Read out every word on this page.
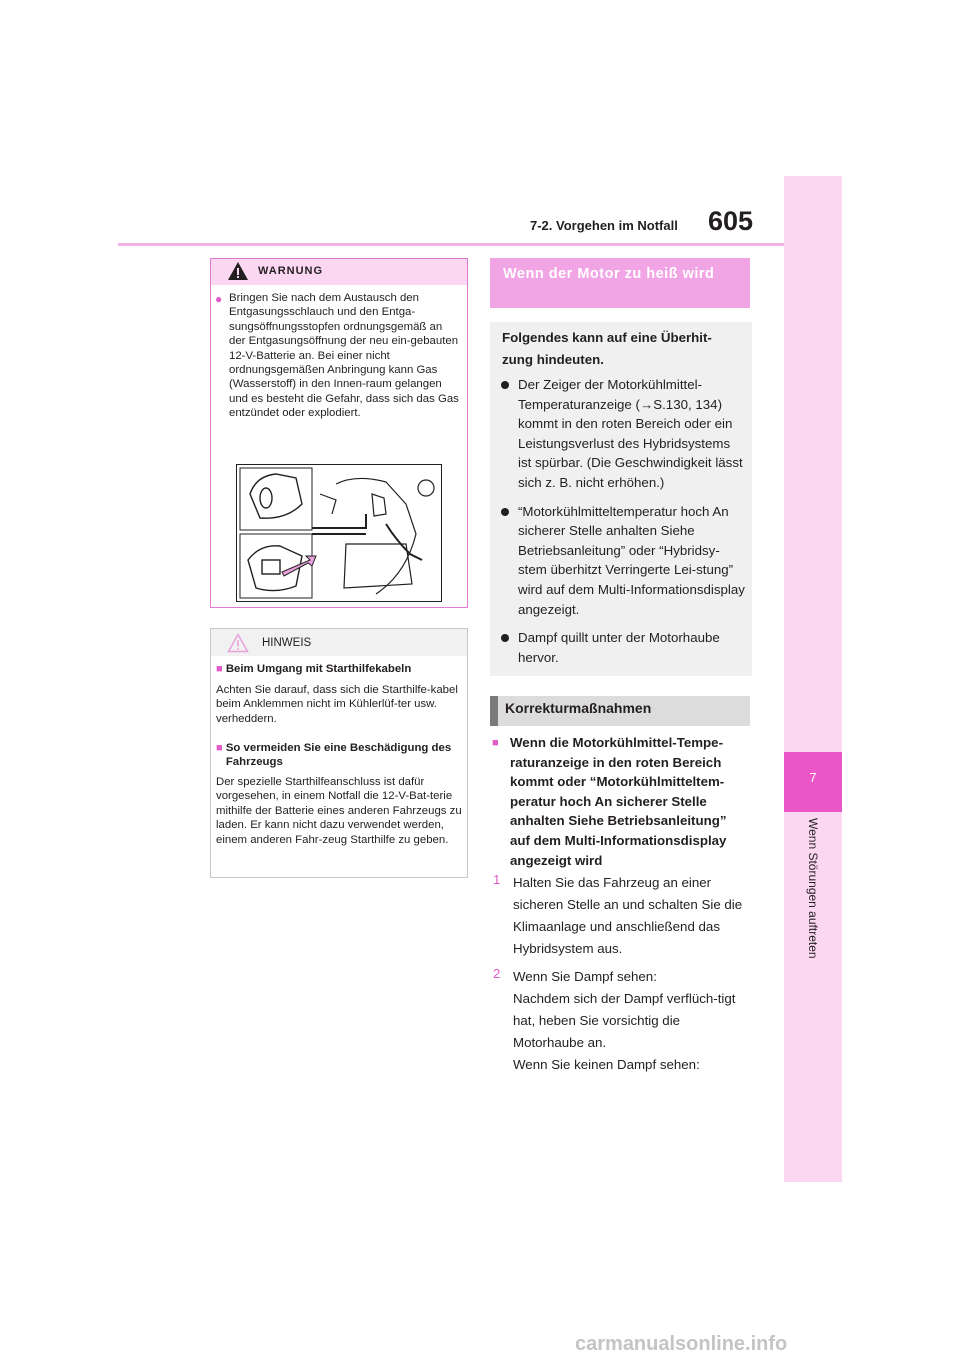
7-2. Vorgehen im Notfall 605
7
Wenn Störungen auftreten
WARNUNG
● Bringen Sie nach dem Austausch den Entgasungsschlauch und den Entga-sungsöffnungsstopfen ordnungsgemäß an der Entgasungsöffnung der neu ein-gebauten 12-V-Batterie an. Bei einer nicht ordnungsgemäßen Anbringung kann Gas (Wasserstoff) in den Innen-raum gelangen und es besteht die Gefahr, dass sich das Gas entzündet oder explodiert.
HINWEIS
■ Beim Umgang mit Starthilfekabeln
Achten Sie darauf, dass sich die Starthilfe-kabel beim Anklemmen nicht im Kühlerlüf-ter usw. verheddern.
■ So vermeiden Sie eine Beschädigung des Fahrzeugs
Der spezielle Starthilfeanschluss ist dafür vorgesehen, in einem Notfall die 12-V-Bat-terie mithilfe der Batterie eines anderen Fahrzeugs zu laden. Er kann nicht dazu verwendet werden, einem anderen Fahr-zeug Starthilfe zu geben.
Wenn der Motor zu heiß wird
Folgendes kann auf eine Überhit-zung hindeuten.
Der Zeiger der Motorkühlmittel-Temperaturanzeige (→S.130, 134) kommt in den roten Bereich oder ein Leistungsverlust des Hybridsystems ist spürbar. (Die Geschwindigkeit lässt sich z. B. nicht erhöhen.)
“Motorkühlmitteltemperatur hoch An sicherer Stelle anhalten Siehe Betriebsanleitung” oder “Hybridsy-stem überhitzt Verringerte Lei-stung” wird auf dem Multi-Informationsdisplay angezeigt.
Dampf quillt unter der Motorhaube hervor.
Korrekturmaßnahmen
■ Wenn die Motorkühlmittel-Tempe-raturanzeige in den roten Bereich kommt oder “Motorkühlmitteltem-peratur hoch An sicherer Stelle anhalten Siehe Betriebsanleitung” auf dem Multi-Informationsdisplay angezeigt wird
1 Halten Sie das Fahrzeug an einer sicheren Stelle an und schalten Sie die Klimaanlage und anschließend das Hybridsystem aus.
2 Wenn Sie Dampf sehen:
Nachdem sich der Dampf verflüch-tigt hat, heben Sie vorsichtig die Motorhaube an.
Wenn Sie keinen Dampf sehen:
carmanualsonline.info
